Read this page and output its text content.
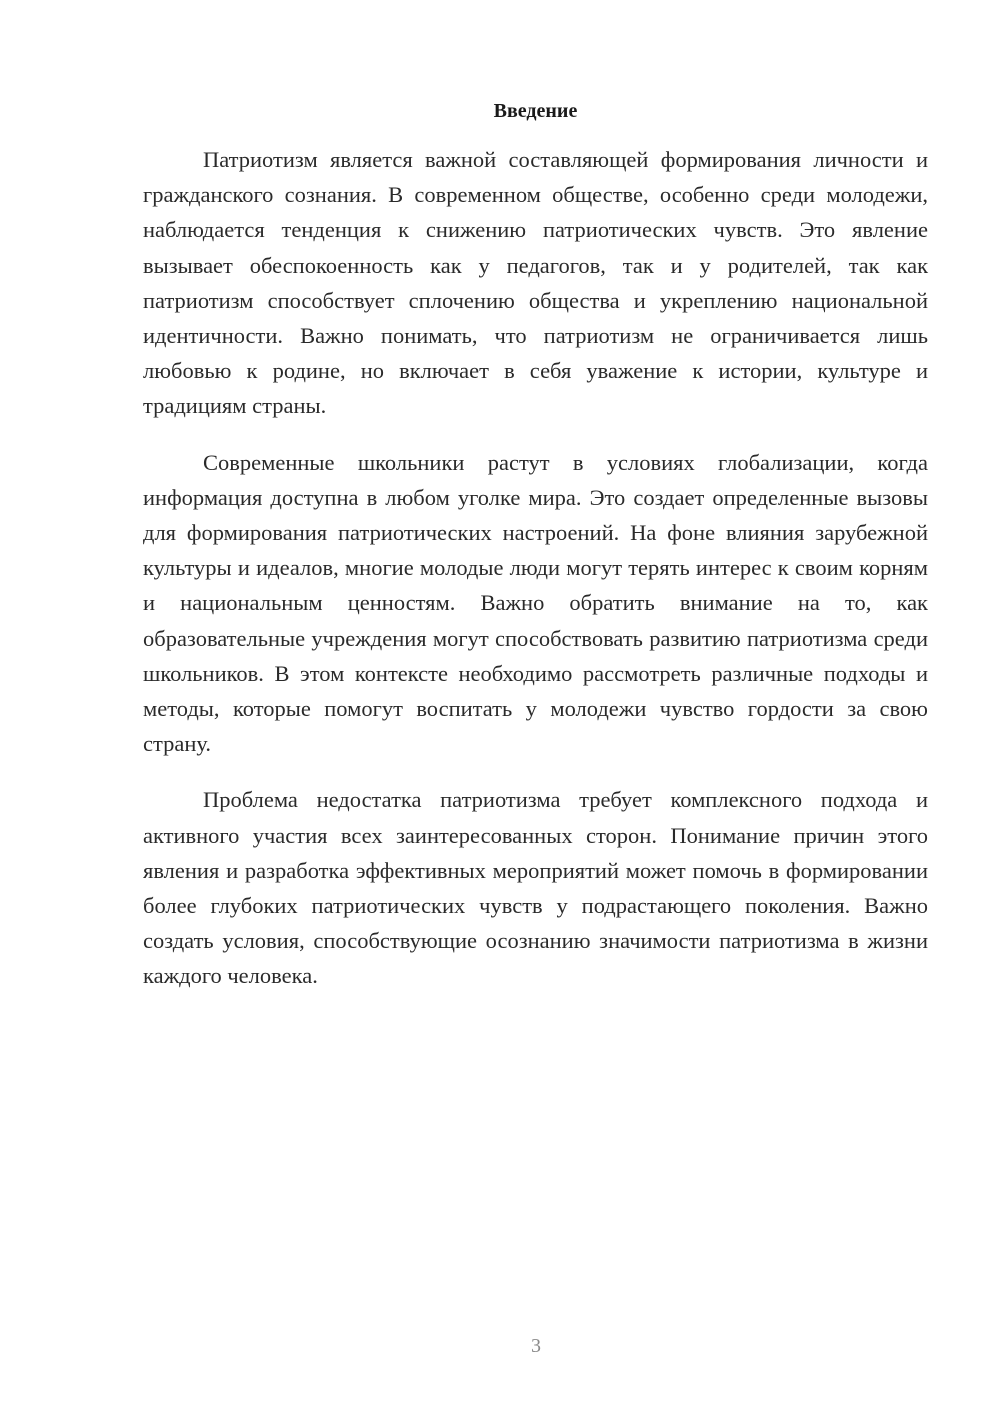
Введение

Патриотизм является важной составляющей формирования личности и гражданского сознания. В современном обществе, особенно среди молодежи, наблюдается тенденция к снижению патриотических чувств. Это явление вызывает обеспокоенность как у педагогов, так и у родителей, так как патриотизм способствует сплочению общества и укреплению национальной идентичности. Важно понимать, что патриотизм не ограничивается лишь любовью к родине, но включает в себя уважение к истории, культуре и традициям страны.

Современные школьники растут в условиях глобализации, когда информация доступна в любом уголке мира. Это создает определенные вызовы для формирования патриотических настроений. На фоне влияния зарубежной культуры и идеалов, многие молодые люди могут терять интерес к своим корням и национальным ценностям. Важно обратить внимание на то, как образовательные учреждения могут способствовать развитию патриотизма среди школьников. В этом контексте необходимо рассмотреть различные подходы и методы, которые помогут воспитать у молодежи чувство гордости за свою страну.

Проблема недостатка патриотизма требует комплексного подхода и активного участия всех заинтересованных сторон. Понимание причин этого явления и разработка эффективных мероприятий может помочь в формировании более глубоких патриотических чувств у подрастающего поколения. Важно создать условия, способствующие осознанию значимости патриотизма в жизни каждого человека.

3
